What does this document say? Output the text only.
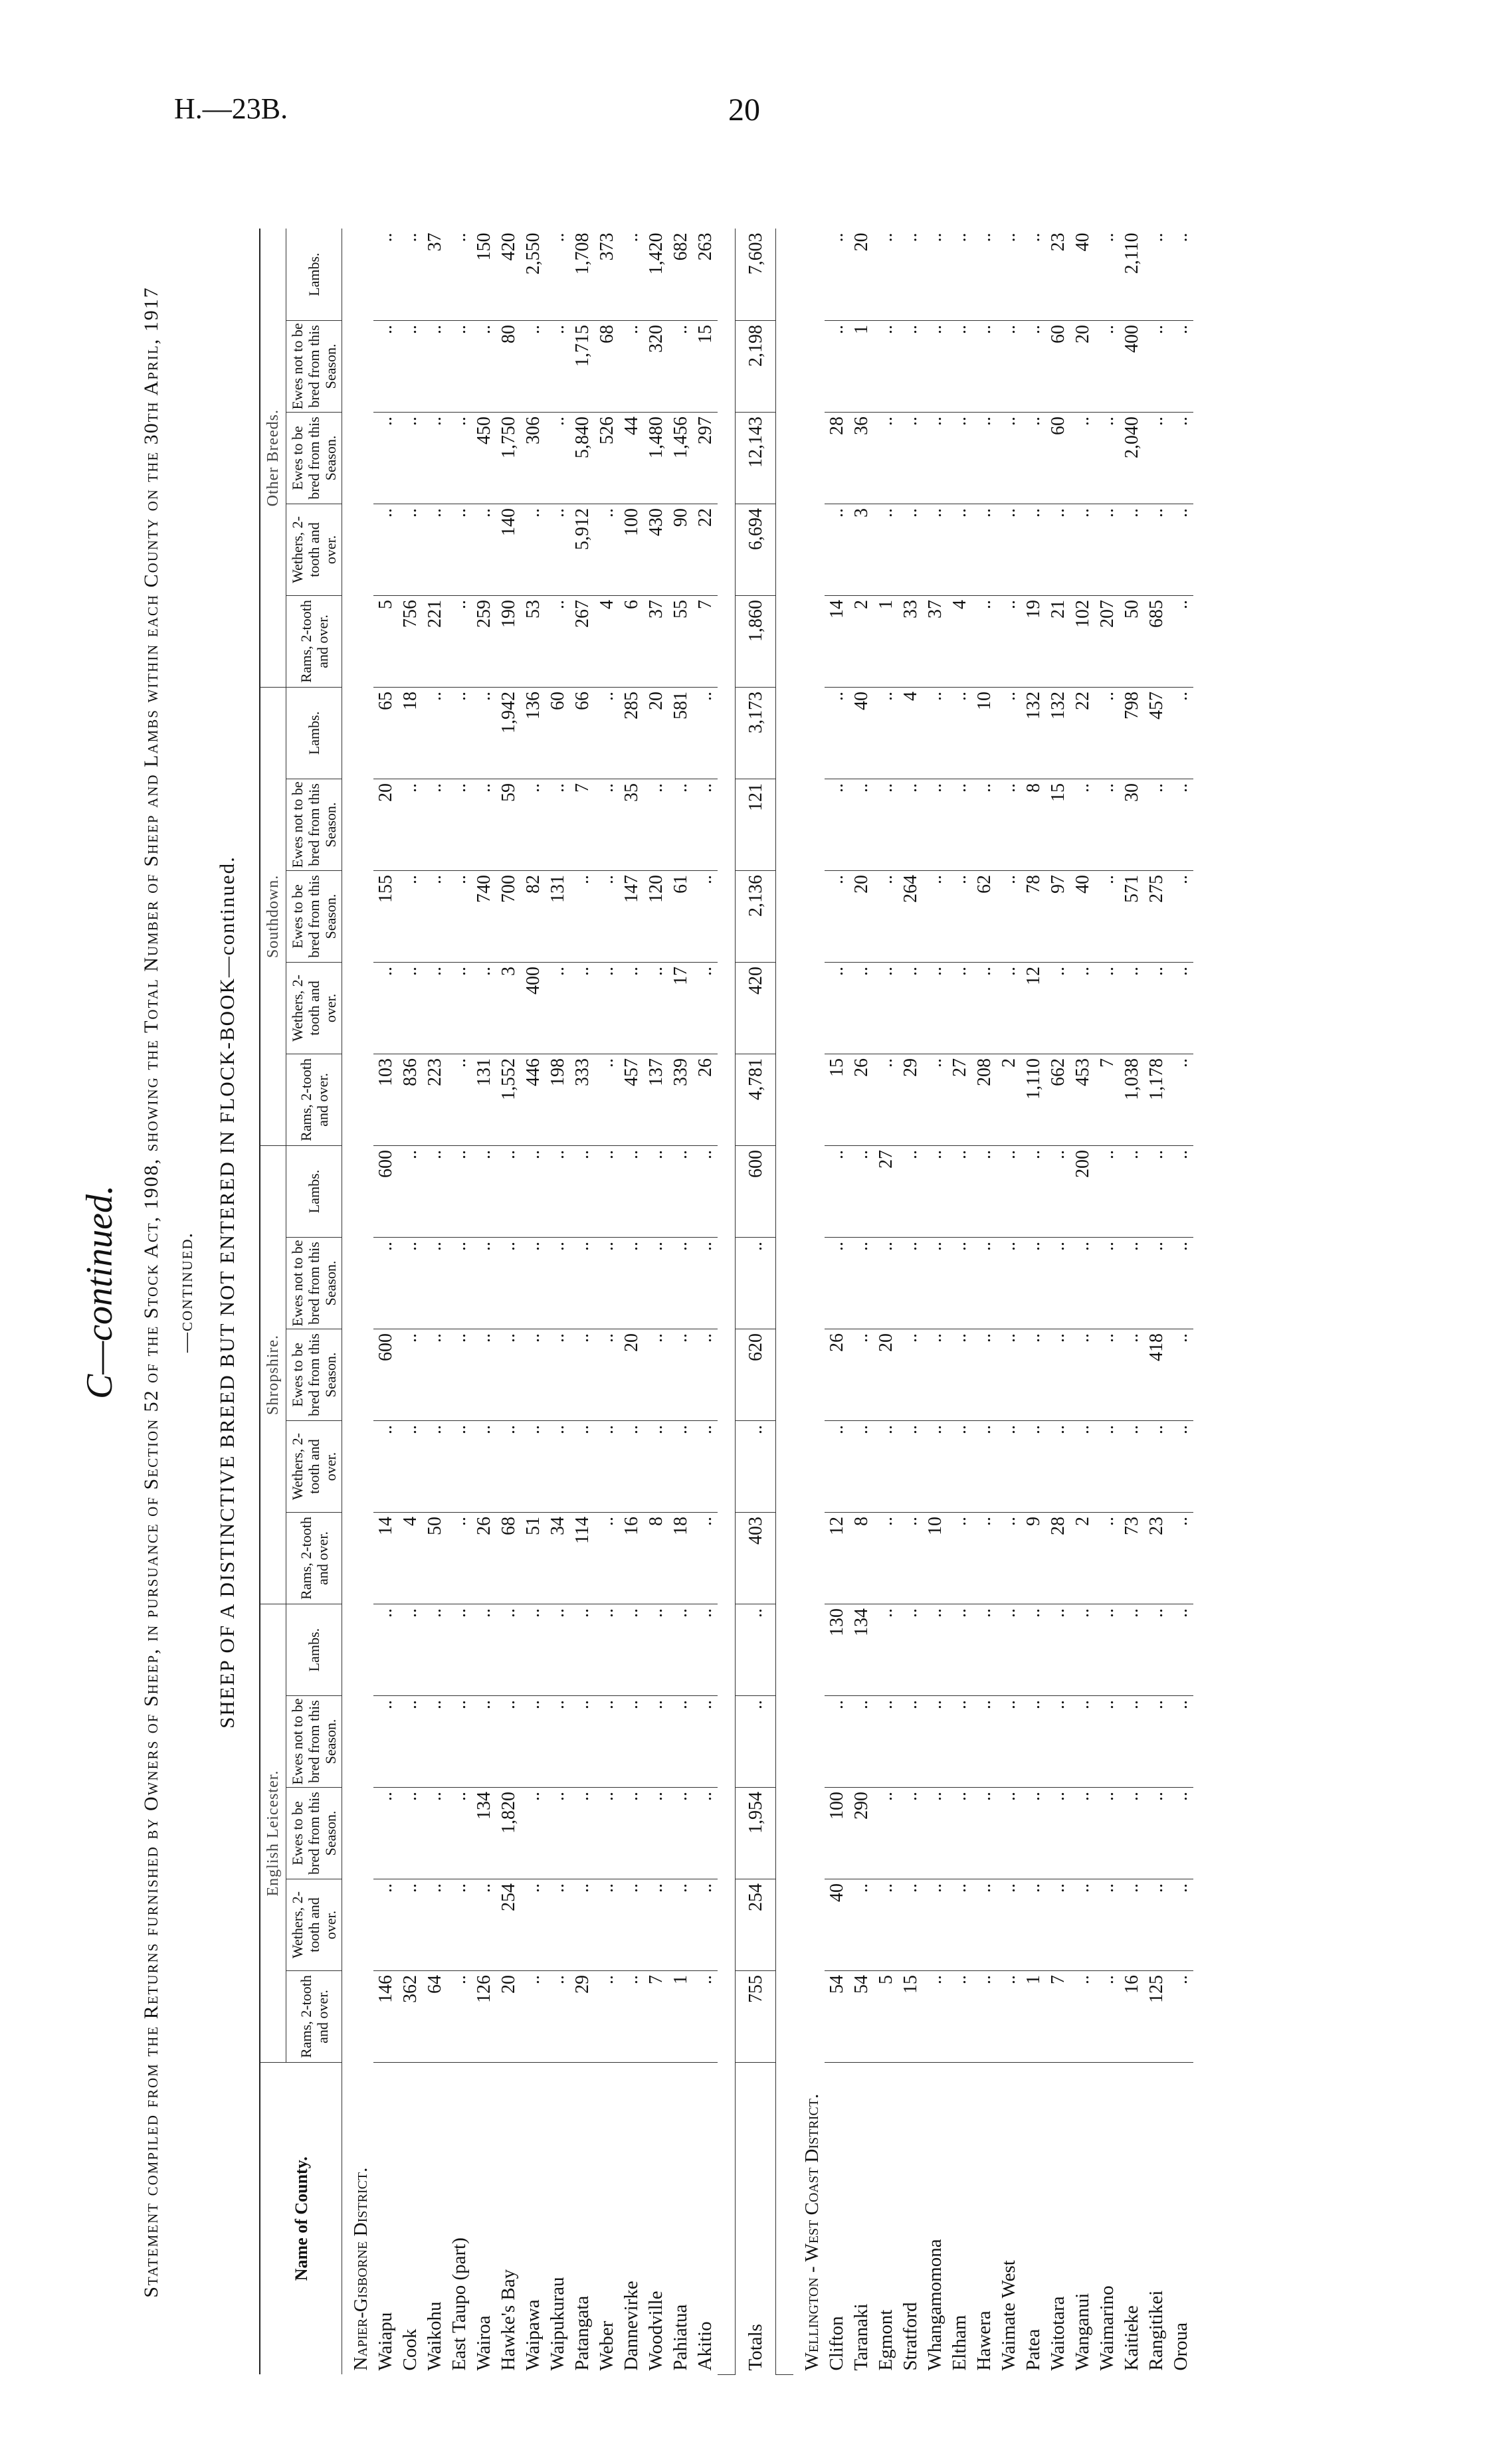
H.—23B.	20
C—continued.	Statement compiled from the Returns furnished by Owners of Sheep, in pursuance of Section 52 of the Stock Act, 1908, showing the Total Number of Sheep and Lambs within each County on the 30th April, 1917—continued. SHEEP OF A DISTINCTIVE BREED BUT NOT ENTERED IN FLOCK-BOOK—continued.
Name of County.	English Leicester.					Shropshire.					Southdown.					Other Breeds.				
	Rams, 2-tooth and over.	Wethers, 2-tooth and over.	Ewes to be bred from this Season.	Ewes not to be bred from this Season.	Lambs.	Rams, 2-tooth and over.	Wethers, 2-tooth and over.	Ewes to be bred from this Season.	Ewes not to be bred from this Season.	Lambs.	Rams, 2-tooth and over.	Wethers, 2-tooth and over.	Ewes to be bred from this Season.	Ewes not to be bred from this Season.	Lambs.	Rams, 2-tooth and over.	Wethers, 2-tooth and over.	Ewes to be bred from this Season.	Ewes not to be bred from this Season.	Lambs.
Napier-Gisborne District.																				
Waiapu	146	..	..	..	..	14	..	600	..	600	103	..	155	20	65	5	..	..	..	..
Cook	362	..	..	..	..	4	..	..	..	..	836	..	..	..	18	756	..	..	..	..
Waikohu	64	..	..	..	..	50	..	..	..	..	223	..	..	..	..	221	..	..	..	37
East Taupo (part)	..	..	..	..	..	..	..	..	..	..	..	..	..	..	..	..	..	..	..	..
Wairoa	126	..	134	..	..	26	..	..	..	..	131	..	740	..	..	259	..	450	..	150
Hawke's Bay	20	254	1,820	..	..	68	..	..	..	..	1,552	3	700	59	1,942	190	140	1,750	80	420
Waipawa	..	..	..	..	..	51	..	..	..	..	446	400	82	..	136	53	..	306	..	2,550
Waipukurau	..	..	..	..	..	34	..	..	..	..	198	..	131	..	60	..	..	..	..	..
Patangata	29	..	..	..	..	114	..	..	..	..	333	..	..	7	66	267	5,912	5,840	1,715	1,708
Weber	..	..	..	..	..	..	..	..	..	..	..	..	..	..	..	4	..	526	68	373
Dannevirke	..	..	..	..	..	16	..	20	..	..	457	..	147	35	285	6	100	44	..	..
Woodville	7	..	..	..	..	8	..	..	..	..	137	..	120	..	20	37	430	1,480	320	1,420
Pahiatua	1	..	..	..	..	18	..	..	..	..	339	17	61	..	581	55	90	1,456	..	682
Akitio	..	..	..	..	..	..	..	..	..	..	26	..	..	..	..	7	22	297	15	263

Totals	755	254	1,954	..	..	403	..	620	..	600	4,781	420	2,136	121	3,173	1,860	6,694	12,143	2,198	7,603

Wellington - West Coast District.																				
Clifton	54	40	100	..	130	12	..	26	..	..	15	..	..	..	..	14	..	28	..	..
Taranaki	54	..	290	..	134	8	..	..	..	..	26	..	20	..	40	2	3	36	1	20
Egmont	5	..	..	..	..	..	..	20	..	27	..	..	..	..	..	1	..	..	..	..
Stratford	15	..	..	..	..	..	..	..	..	..	29	..	264	..	4	33	..	..	..	..
Whangamomona	..	..	..	..	..	10	..	..	..	..	..	..	..	..	..	37	..	..	..	..
Eltham	..	..	..	..	..	..	..	..	..	..	27	..	..	..	..	4	..	..	..	..
Hawera	..	..	..	..	..	..	..	..	..	..	208	..	62	..	10	..	..	..	..	..
Waimate West	..	..	..	..	..	..	..	..	..	..	2	..	..	..	..	..	..	..	..	..
Patea	1	..	..	..	..	9	..	..	..	..	1,110	12	78	8	132	19	..	..	..	..
Waitotara	7	..	..	..	..	28	..	..	..	..	662	..	97	15	132	21	..	60	60	23
Wanganui	..	..	..	..	..	2	..	..	..	200	453	..	40	..	22	102	..	..	20	40
Waimarino	..	..	..	..	..	..	..	..	..	..	7	..	..	..	..	207	..	..	..	..
Kaitieke	16	..	..	..	..	73	..	..	..	..	1,038	..	571	30	798	50	..	2,040	400	2,110
Rangitikei	125	..	..	..	..	23	..	418	..	..	1,178	..	275	..	457	685	..	..	..	..
Oroua	..	..	..	..	..	..	..	..	..	..	..	..	..	..	..	..	..	..	..	..
